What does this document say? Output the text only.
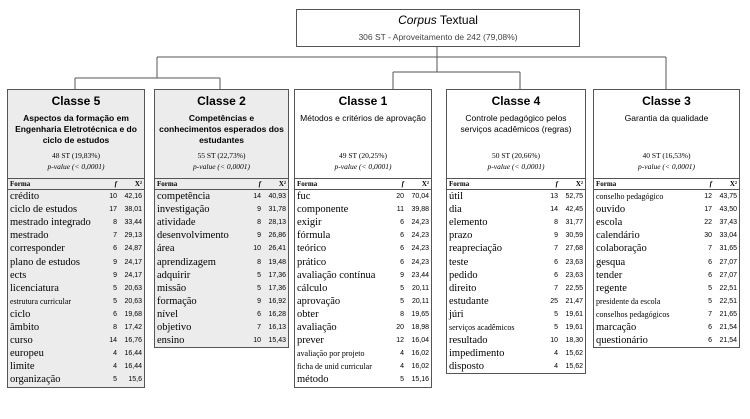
Corpus Textual
306 ST - Aproveitamento de 242 (79,08%)
Classe 5
Aspectos da formação em Engenharia Eletrotécnica e do ciclo de estudos
48 ST (19,83%)
p-value (< 0,0001)
Forma	f	X²
crédito	10	42,16
ciclo de estudos	17	38,01
mestrado integrado	8	33,44
mestrado	7	29,13
corresponder	6	24,87
plano de estudos	9	24,17
ects	9	24,17
licenciatura	5	20,63
estrutura curricular	5	20,63
ciclo	6	19,68
âmbito	8	17,42
curso	14	16,76
europeu	4	16,44
limite	4	16,44
organização	5	15,6
Classe 2
Competências e conhecimentos esperados dos estudantes
55 ST (22,73%)
p-value (< 0,0001)
Forma	f	X²
competência	14	40,93
investigação	9	31,78
atividade	8	28,13
desenvolvimento	9	26,86
área	10	26,41
aprendizagem	8	19,48
adquirir	5	17,36
missão	5	17,36
formação	9	16,92
nível	6	16,28
objetivo	7	16,13
ensino	10	15,43
Classe 1
Métodos e critérios de aprovação
49 ST (20,25%)
p-value (< 0,0001)
Forma	f	X²
fuc	20	70,04
componente	11	39,88
exigir	6	24,23
fórmula	6	24,23
teórico	6	24,23
prático	6	24,23
avaliação contínua	9	23,44
cálculo	5	20,11
aprovação	5	20,11
obter	8	19,65
avaliação	20	18,98
prever	12	16,04
avaliação por projeto	4	16,02
ficha de unid curricular	4	16,02
método	5	15,16
Classe 4
Controle pedagógico pelos serviços acadêmicos (regras)
50 ST (20,66%)
p-value (< 0,0001)
Forma	f	X²
útil	13	52,75
dia	14	42,45
elemento	8	31,77
prazo	9	30,59
reapreciação	7	27,68
teste	6	23,63
pedido	6	23,63
direito	7	22,55
estudante	25	21,47
júri	5	19,61
serviços acadêmicos	5	19,61
resultado	10	18,30
impedimento	4	15,62
disposto	4	15,62
Classe 3
Garantia da qualidade
40 ST (16,53%)
p-value (< 0,0001)
Forma	f	X²
conselho pedagógico	12	43,75
ouvido	17	43,50
escola	22	37,43
calendário	30	33,04
colaboração	7	31,65
gesqua	6	27,07
tender	6	27,07
regente	5	22,51
presidente da escola	5	22,51
conselhos pedagógicos	7	21,65
marcação	6	21,54
questionário	6	21,54
